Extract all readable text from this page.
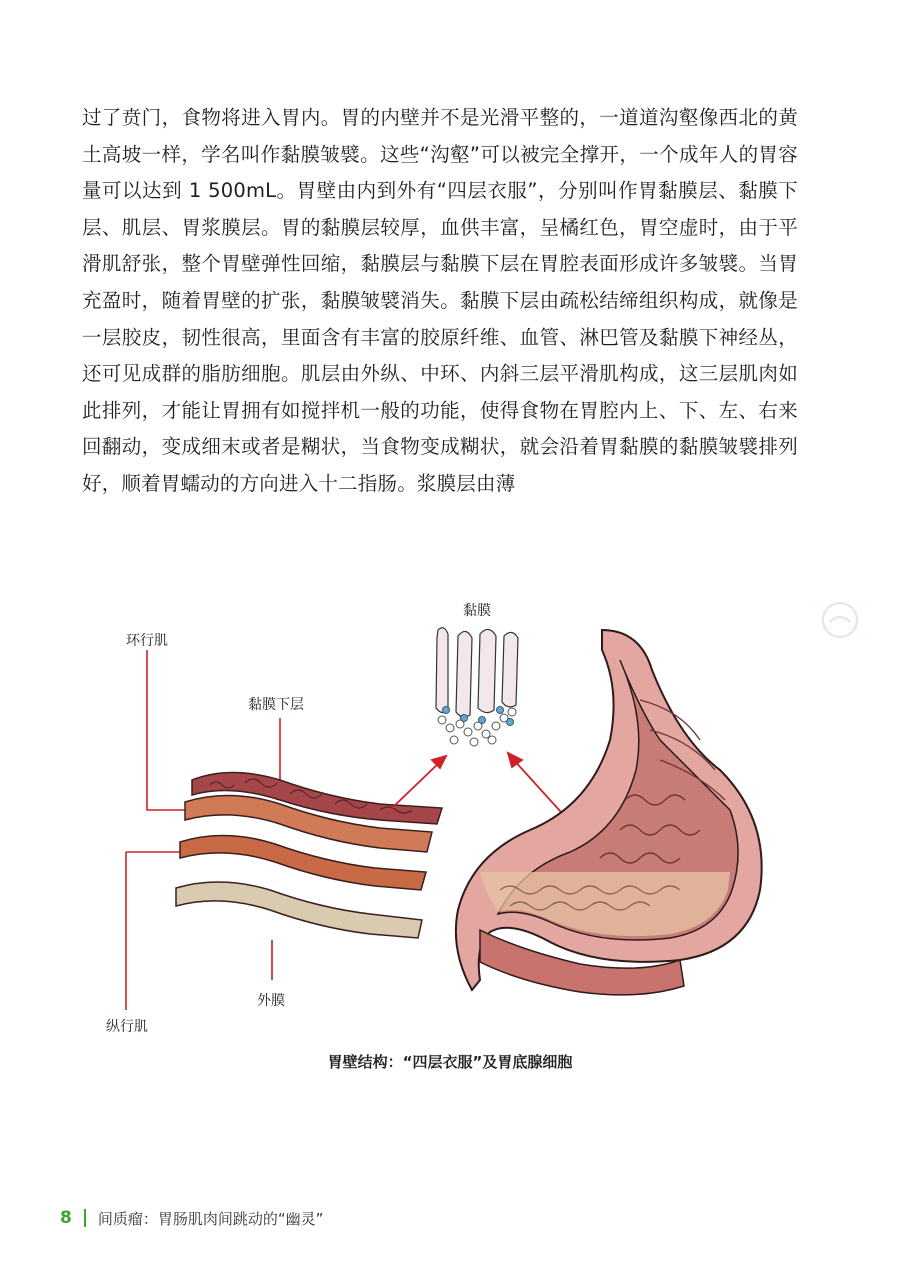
过了贲门，食物将进入胃内。胃的内壁并不是光滑平整的，一道道沟壑像西北的黄土高坡一样，学名叫作黏膜皱襞。这些“沟壑”可以被完全撑开，一个成年人的胃容量可以达到 1 500mL。胃壁由内到外有“四层衣服”，分别叫作胃黏膜层、黏膜下层、肌层、胃浆膜层。胃的黏膜层较厚，血供丰富，呈橘红色，胃空虚时，由于平滑肌舒张，整个胃壁弹性回缩，黏膜层与黏膜下层在胃腔表面形成许多皱襞。当胃充盈时，随着胃壁的扩张，黏膜皱襞消失。黏膜下层由疏松结缔组织构成，就像是一层胶皮，韧性很高，里面含有丰富的胶原纤维、血管、淋巴管及黏膜下神经丛，还可见成群的脂肪细胞。肌层由外纵、中环、内斜三层平滑肌构成，这三层肌肉如此排列，才能让胃拥有如搅拌机一般的功能，使得食物在胃腔内上、下、左、右来回翻动，变成细末或者是糊状，当食物变成糊状，就会沿着胃黏膜的黏膜皱襞排列好，顺着胃蠕动的方向进入十二指肠。浆膜层由薄

黏膜
环行肌
黏膜下层
外膜
纵行肌
胃壁结构：“四层衣服”及胃底腺细胞
8 间质瘤：胃肠肌肉间跳动的“幽灵”
